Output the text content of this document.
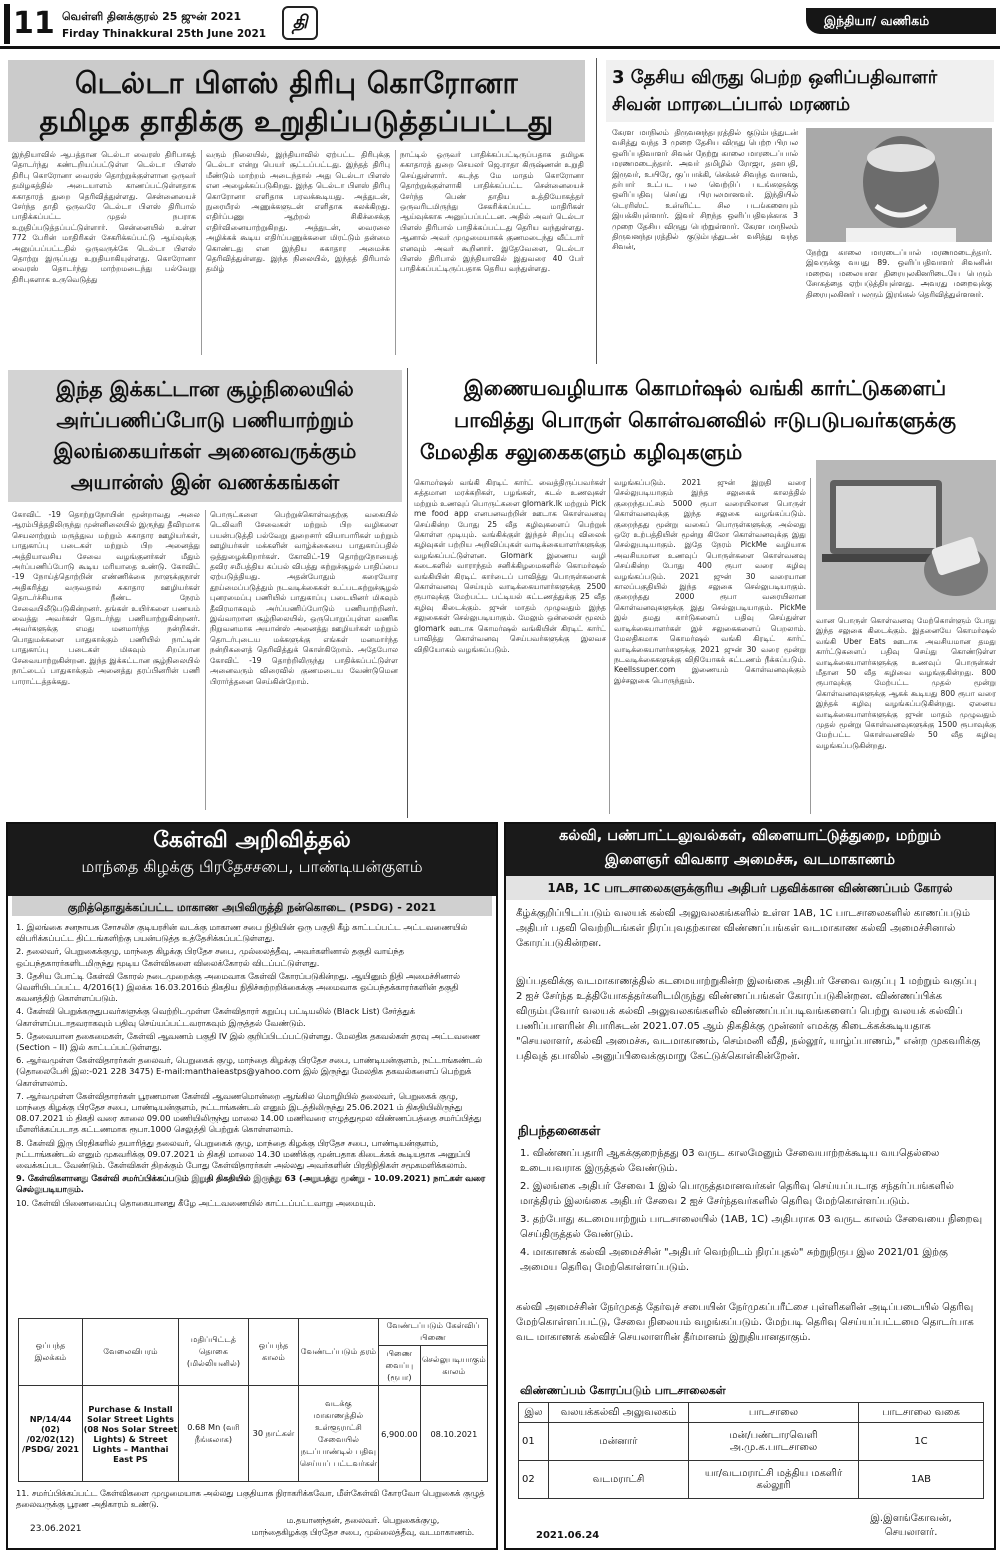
11 வெள்ளி தினக்குரல் 25 ஜுன் 2021
Firday Thinakkural 25th June 2021
தி	இந்தியா/ வணிகம்
டெல்டா பிளஸ் திரிபு கொரோனா
தமிழக தாதிக்கு உறுதிப்படுத்தப்பட்டது
இந்தியாவில் ஆபத்தான டெல்டா வைரஸ் திரிபாகத் தொடர்ந்து கண்டறியப்பட்டுள்ள டெல்டா பிளஸ் திரிபு கொரோனா வைரஸ் தொற்றுக்குள்ளான ஒருவர் தமிழகத்தில் அடையாளம் காணப்பட்டுள்ளதாக சுகாதாரத் துறை தெரிவித்துள்ளது. சென்னையைச் சேர்ந்த தாதி ஒருவரே டெல்டா பிளஸ் திரிபால் பாதிக்கப்பட்ட முதல் நபராக உறுதிப்படுத்தப்பட்டுள்ளார். சென்னையில் உள்ள 772 பேரின் மாதிரிகள் சேகரிக்கப்பட்டு ஆய்வுக்கு அனுப்பப்பட்டதில் ஒருவருக்கே டெல்டா பிளஸ் தொற்று இருப்பது உறுதியாகியுள்ளது. கொரோனா வைரஸ் தொடர்ந்து மாற்றமடைந்து பல்வேறு திரிபுகளாக உருவெடுத்து
வரும் நிலையில், இந்தியாவில் ஏற்பட்ட திரிபுக்கு டெல்டா என்று பெயர் சூட்டப்பட்டது. இந்தத் திரிபு மீண்டும் மாற்றம் அடைந்தால் அது டெல்டா பிளஸ் என அழைக்கப்படுகிறது. இந்த டெல்டா பிளஸ் திரிபு கொரோனா எளிதாக பரவக்கூடியது. அத்துடன், நுரையீரல் அணுக்களுடன் எளிதாக கலக்கிறது. எதிர்ப்பணு ஆற்றல் சிகிச்சைக்கு எதிர்வினையாற்றுகிறது. அத்துடன், வைரலை அழிக்கக் கூடிய எதிர்ப்பணுக்களை மிரட்டும் தன்மை கொண்டது என இந்திய சுகாதார அமைச்சு தெரிவித்துள்ளது. இந்த நிலையில், இந்தத் திரிபால் தமிழ்
நாட்டில் ஒருவர் பாதிக்கப்பட்டிருப்பதாக தமிழக சுகாதாரத் துறை செயலர் ஜெ.ராதா கிருஷ்ணன் உறுதி செய்துள்ளார். கடந்த மே மாதம் கொரோனா தொற்றுக்குள்ளாகி பாதிக்கப்பட்ட சென்னையைச் சேர்ந்த பெண் தாதிய உத்தியோகத்தர் ஒருவரிடமிருந்து சேகரிக்கப்பட்ட மாதிரிகள் ஆய்வுக்காக அனுப்பப்பட்டன. அதில் அவர் டெல்டா பிளஸ் திரிபால் பாதிக்கப்பட்டது தெரிய வந்துள்ளது. ஆனால் அவர் முழுமையாகக் குணமடைந்து வீட்டார் எனவும் அவர் கூறினார். இதேவேளை, டெல்டா பிளஸ் திரிபால் இந்தியாவில் இதுவரை 40 பேர் பாதிக்கப்பட்டிருப்பதாக தெரிய வந்துள்ளது.
3 தேசிய விருது பெற்ற ஒளிப்பதிவாளர்
சிவன் மாரடைப்பால் மரணம்
கேரள மாநிலம் திருவனந்தபுரத்தில் குடும்பத்துடன் வசித்து வந்த 3 முறை தேசிய விருது பெற்ற பிரபல ஒளிப்பதிவாளர் சிவன் நேற்று காலை மாரடைப்பால் மரணமடைந்தார். அவர் தமிழில் ரோஜா, தளபதி, இருவர், உயிரே, குப்பாக்கி, செக்கச் சிவந்த வானம், தர்பார் உட்பட பல வெற்றிப் படங்களுக்கு ஒளிப்பதிவு செய்து பிரபலமானவர். இந்தியில் டெரரிஸ்ட் உள்ளிட்ட சில படங்களையும் இயக்கியுள்ளார். இவர் சிறந்த ஒளிப்பதிவுக்காக 3 முறை தேசிய விருது பெற்றுள்ளார். கேரள மாநிலம் திருவனந்தபுரத்தில் குடும்பத்துடன் வசித்து வந்த சிவன்,
நேற்று காலை மாரடைப்பால் மரணமடைந்தார். இவருக்கு வயது 89. ஒளிப்பதிவாளர் சிவனின் மறைவு மலையாள திரையுலகினரிடையே பெரும் சோகத்தை ஏற்படுத்தியுள்ளது. அவரது மறைவுக்கு திரையுலகினர் பலரும் இரங்கல் தெரிவித்துள்ளனர்.
இந்த இக்கட்டான சூழ்நிலையில்
அர்ப்பணிப்போடு பணியாற்றும்
இலங்கையர்கள் அனைவருக்கும்
அயான்ஸ் இன் வணக்கங்கள்
கோவிட் -19 தொற்றுநோயின் மூன்றாவது அலை ஆரம்பித்ததிலிருந்து முன்னிலையில் இருந்து தீவிரமாக செயலாற்றும் மருத்துவ மற்றும் சுகாதார ஊழியர்கள், பாதுகாப்பு படைகள் மற்றும் பிற அனைத்து அத்தியாவசிய சேவை வழங்குனர்கள் மீதும் அர்ப்பணிப்போடு கூடிய மரியாதை உண்டு. கோவிட் -19 நோய்த்தொற்றின் எண்ணிக்கை நாளுக்குநாள் அதிகரித்து வருவதால் சுகாதார ஊழியர்கள் தொடர்ச்சியாக நீண்ட நேரம் சேவையிலீடுபடுகின்றனர். தங்கள் உயிர்களை பணயம் வைத்து அவர்கள் தொடர்ந்து பணியாற்றுகின்றனர். அவர்களுக்கு எமது மனமார்ந்த நன்றிகள். பொதுமக்களை பாதுகாக்கும் பணியில் நாட்டின் பாதுகாப்பு படைகள் மிகவும் சிறப்பான சேவையாற்றுகின்றன. இந்த இக்கட்டான சூழ்நிலையில் நாட்டைப் பாதுகாக்கும் அனைத்து தரப்பினரின் பணி பாராட்டத்தக்கது.
பொருட்களை பெற்றுக்கொள்வதற்கு வகையில் டெலிவரி சேவைகள் மற்றும் பிற வழிகளை பயன்படுத்தி பல்வேறு துறைசார் வியாபாரிகள் மற்றும் ஊழியர்கள் மக்களின் வாழ்க்கையை பாதுகாப்பதில் ஒத்துழைக்கிறார்கள். கோவிட்-19 தொற்றுநோயைத் தவிர சமீபத்திய கப்பல் விபத்து சுற்றுச்சூழல் பாதிப்பை ஏற்படுத்தியது. அதன்போதும் கரையோர தூய்மைப்படுத்தும் நடவடிக்கைகள் உட்படசுற்றுச்சூழல் புனரமைப்பு பணியில் பாதுகாப்பு படையினர் மிகவும் தீவிரமாகவும் அர்ப்பணிப்போடும் பணியாற்றினர். இவ்வாறான சூழ்நிலையில், ஒருபொறுப்புள்ள வணிக நிறுவனமாக அயான்ஸ் அனைத்து ஊழியர்கள் மற்றும் தொடர்புடைய மக்களுக்கு எங்கள் மனமார்ந்த நன்றிகளைத் தெரிவித்துக் கொள்கிறோம். அதேபோல கோவிட் -19 தொற்றிலிருந்து பாதிக்கப்பட்டுள்ள அனைவரும் விரைவில் குணமடைய வேண்டுமென பிரார்த்தனை செய்கின்றோம்.
இணையவழியாக கொமர்ஷல் வங்கி கார்ட்டுகளைப்
பாவித்து பொருள் கொள்வனவில் ஈடுபடுபவர்களுக்கு
மேலதிக சலுகைகளும் கழிவுகளும்
கொமர்ஷல் வங்கி கிரடிட் கார்ட் வைத்திருப்பவர்கள் சுத்தமான மரக்கறிகள், பழங்கள், கடல் உணவுகள் மற்றும் உணவுப் பொருட்களை glomark.lk மற்றும் Pick me food app எனபனவற்றின் ஊடாக கொள்வனவு செய்கின்ற போது 25 வீத கழிவுகளைப் பெற்றுக் கொள்ள முடியும். வங்கிக்குள் இந்தச் சிறப்பு விலைக் கழிவுகள் பற்றிய அறிவிப்புகள் வாடிக்கையாளர்களுக்கு வழங்கப்பட்டுள்ளன. Glomark இணைய வழி கடைகளில் வாராந்தம் சனிக்கிழமைகளில் கொமர்ஷல் வங்கியின் கிரடிட் கார்டைப் பாவித்து பொருள்களைக் கொள்வனவு செய்யும் வாடிக்கையாளர்களுக்கு 2500 ரூபாவுக்கு மேற்பட்ட பட்டியல் கட்டணத்துக்கு 25 வீத கழிவு கிடைக்கும். ஜுன் மாதம் முழுவதும் இந்த சலுகைகள் செல்லுபடியாகும். மேலும் ஒன்லைன் மூலம் glomark ஊடாக கொமர்ஷல் வங்கியின் கிரடிட் கார்ட் பாவித்து கொள்வனவு செய்பவர்களுக்கு இலவச விநியோகம் வழங்கப்படும்.
வழங்கப்படும். 2021 ஜுன் இறுதி வரை செல்லுபடியாகும் இந்த சலுகைக் காலத்தில் குறைந்தபட்சம் 5000 ரூபா வரையிலான பொருள் கொள்வனவுக்கு இந்த சலுகை வழங்கப்படும். குறைந்தது மூன்று வகைப் பொருள்களுக்கு அல்லது ஒரே உற்பத்தியின் மூன்று கிலோ கொள்வனவுக்கு இது செல்லுபடியாகும். இதே நேரம் PickMe வழியாக அவசியமான உணவுப் பொருள்களை கொள்வனவு செய்கின்ற போது 400 ரூபா வரை கழிவு வழங்கப்படும். 2021 ஜுன் 30 வரையான காலப்பகுதியில் இந்த சலுகை செல்லுபடியாகும். குறைந்தது 2000 ரூபா வரையிலான கொள்வனவுகளுக்கு இது செல்லுபடியாகும். PickMe இல் தமது கார்டுகளைப் பதிவு செய்துள்ள வாடிக்கையாளர்கள் இச் சலுகைகளைப் பெறலாம். மேலதிகமாக கொமர்ஷல் வங்கி கிரடிட் கார்ட் வாடிக்கையாளர்களுக்கு 2021 ஜுன் 30 வரை மூன்று நடவடிக்கைகளுக்கு விநியோகக் கட்டணம் நீக்கப்படும். Keellssuper.com இணையம் கொள்வனவுக்கும் இச்சலுகை பொருந்தும்.
வான பொருள் கொள்வனவு மேற்கொள்ளும் போது இந்த சலுகை கிடைக்கும். இதனையே கொமர்ஷல் வங்கி Uber Eats ஊடாக அவசியமான தமது கார்ட்டுகளைப் பதிவு செய்து கொண்டுள்ள வாடிக்கையாளர்களுக்கு உணவுப் பொருள்கள் மீதான 50 வீத கழிவை வழங்குகின்றது. 800 ரூபாவுக்கு மேற்பட்ட முதல் மூன்று கொள்வனவுகளுக்கு ஆகக் கூடியது 800 ரூபா வரை இந்தக் கழிவு வழங்கப்படுகின்றது. ஏனைய வாடிக்கையாளர்களுக்கு ஜுன் மாதம் முழுவதும் முதல் மூன்று கொள்வனவுகளுக்கு 1500 ரூபாவுக்கு மேற்பட்ட கொள்வனவில் 50 வீத கழிவு வழங்கப்படுகின்றது.
கேள்வி அறிவித்தல்
மாந்தை கிழக்கு பிரதேசசபை, பாண்டியன்குளம்
குறித்தொதுக்கப்பட்ட மாகாண அபிவிருத்தி நன்கொடை (PSDG) - 2021
1. இலங்கை சனநாயக சோசலிச குடியரசின் வடக்கு மாகாண சபை நிதியின் ஒரு பகுதி கீழ் காட்டப்பட்ட அட்டவணையில் விபரிக்கப்பட்ட திட்டங்களிற்கு பயன்படுத்த உத்தேசிக்கப்பட்டுள்ளது.
2. தலைவர், பெறுகைக்குழு, மாந்தை கிழக்கு பிரதேச சபை, முல்லைத்தீவு, அவர்களினால் தகுதி வாய்ந்த ஒப்பந்தகாரர்களிடமிருந்து மூடிய கேள்விகளை விலைக்கோரல் விடப்பட்டுள்ளது.
3. தேசிய போட்டி கேள்வி கோரல் நடைமுறைக்கு அமைவாக கேள்வி கோரப்படுகின்றது. ஆயினும் நிதி அமைச்சினால் வெளியிடப்பட்ட 4/2016(1) இலக்க 16.03.2016ம் திகதிய நிதிச்சுற்றறிக்கைக்கு அமைவாக ஒப்பந்தக்காரர்களின் தகுதி கவனத்திற் கொள்ளப்படும்.
4. கேள்வி பெறுக்கருதுபவர்களுக்கு வெற்றிடமுள்ள கேள்விதாரர் கறுப்பு பட்டியலில் (Black List) சேர்த்துக் கொள்ளப்படாதவராகவும் பதிவு செய்யப்பட்டவராகவும் இருத்தல் வேண்டும்.
5. தேவையான தகைமைகள், கேள்வி ஆவணம் பகுதி IV இல் குறிப்பிடப்பட்டுள்ளது. மேலதிக தகவல்கள் தரவு அட்டவணை (Section – II) இல் காட்டப்பட்டுள்ளது.
6. ஆர்வமுள்ள கேள்விதாரர்கள் தலைவர், பெறுகைக் குழு, மாந்தை கிழக்கு பிரதேச சபை, பாண்டியன்குளம், நட்டாங்கண்டல் (தொலைபேசி இல:-021 228 3475) E-mail:manthaieastps@yahoo.com இல் இருந்து மேலதிக தகவல்களைப் பெற்றுக் கொள்ளலாம்.
7. ஆர்வமுள்ள கேள்விதாரர்கள் பூரணமான கேள்வி ஆவணமொன்றை ஆங்கில மொழியில் தலைவர், பெறுகைக் குழு, மாந்தை கிழக்கு பிரதேச சபை, பாண்டியன்குளம், நட்டாங்கண்டல் எனும் இடத்திலிருந்து 25.06.2021 ம் திகதியிலிருந்து 08.07.2021 ம் திகதி வரை காலை 09.00 மணியிலிருந்து மாலை 14.00 மணிவரை எழுத்துமூல விண்ணப்பத்தை சமர்ப்பித்து மீளளிக்கப்படாத கட்டணமாக ரூபா.1000 செலுத்தி பெற்றுக் கொள்ளலாம்.
8. கேள்வி இரு பிரதிகளில் தயாரித்து தலைவர், பெறுகைக் குழு, மாந்தை கிழக்கு பிரதேச சபை, பாண்டியன்குளம், நட்டாங்கண்டல் எனும் முகவரிக்கு 09.07.2021 ம் திகதி மாலை 14.30 மணிக்கு முன்பதாக கிடைக்கக் கூடியதாக அனுப்பி வைக்கப்பட வேண்டும். கேள்விகள் திறக்கும் போது கேள்விதாரர்கள் அல்லது அவர்களின் பிரதிநிதிகள் சமூகமளிக்கலாம்.
9. கேள்விகளானது கேள்வி சமர்ப்பிக்கப்படும் இறுதி திகதியில் இருந்து 63 (அறுபத்து மூன்று - 10.09.2021) நாட்கள் வரை செல்லுபடியாகும்.
10. கேள்வி பிணைவைப்பு தொகையானது கீழே அட்டவணையில் காட்டப்பட்டவாறு அமையும்.
ஒப்பந்த இலக்கம்	வேலைவிபரம்	மதிப்பிட்டத் தொகை (மில்லியனில்)	ஒப்பந்த காலம்	வேண்டப்படும் தரம்	வேண்டப்படும் கேள்விப் பிணை	
					பிணை வைப்பு (ரூபா)	செல்லுபடியாகும் காலம்
NP/14/44 (02) /02/02(12) /PSDG/ 2021	Purchase & Install Solar Street Lights (08 Nos Solar Street Lights) & Street Lights – Manthai East PS	0.68 Mn (வரி நீங்கலாக)	30 நாட்கள்	வடக்கு மாகாணத்தில் உள்ளூராட்சி சேவையில் நடப்பாண்டில் பதிவு செய்யப் பட்டவர்கள்	6,900.00	08.10.2021
11. சமர்ப்பிக்கப்பட்ட கேள்விகளை முழுமையாக அல்லது பகுதியாக நிராகரிக்கவோ, மீள்கேள்வி கோரவோ பெறுகைக் குழுத் தலைவருக்கு பூரண அதிகாரம் உண்டு.
23.06.2021
ம.தயானந்தன், தலைவர். பெறுகைக்குழு,
மாந்தைகிழக்கு பிரதேச சபை, முல்லைத்தீவு, வடமாகாணம்.
கல்வி, பண்பாட்டலுவல்கள், விளையாட்டுத்துறை, மற்றும்
இளைஞர் விவகார அமைச்சு, வடமாகாணம்
1AB, 1C பாடசாலைகளுக்குரிய அதிபர் பதவிக்கான விண்ணப்பம் கோரல்
கீழ்க்குறிப்பிடப்படும் வலயக் கல்வி அலுவலகங்களில் உள்ள 1AB, 1C பாடசாலைகளில் காணப்படும் அதிபர் பதவி வெற்றிடங்கள் நிரப்புவதற்கான விண்ணப்பங்கள் வடமாகாண கல்வி அமைச்சினால் கோரப்படுகின்றன.
இப்பதவிக்கு வடமாகாணத்தில் கடமையாற்றுகின்ற இலங்கை அதிபர் சேவை வகுப்பு 1 மற்றும் வகுப்பு 2 ஐச் சேர்ந்த உத்தியோகத்தர்களிடமிருந்து விண்ணப்பங்கள் கோரப்படுகின்றன. விண்ணப்பிக்க விரும்புவோர் வலயக் கல்வி அலுவலகங்களில் விண்ணப்பப்படிவங்களைப் பெற்று வலயக் கல்விப் பணிப்பாளரின் சிபாரிசுடன் 2021.07.05 ஆம் திகதிக்கு முன்னர் எமக்கு கிடைக்கக்கூடியதாக "செயலாளர், கல்வி அமைச்சு, வடமாகாணம், செம்மனி வீதி, நல்லூர், யாழ்ப்பாணம்," என்ற முகவரிக்கு பதிவுத் தபாலில் அனுப்பிவைக்குமாறு கேட்டுக்கொள்கின்றேன்.
நிபந்தனைகள்
1. விண்ணப்பதாரி ஆகக்குறைந்தது 03 வருட காலமேனும் சேவையாற்றக்கூடிய வயதெல்லை உடையவராக இருத்தல் வேண்டும்.
2. இலங்கை அதிபர் சேவை 1 இல் பொருத்தமானவர்கள் தெரிவு செய்யப்படாத சந்தர்ப்பங்களில் மாத்திரம் இலங்கை அதிபர் சேவை 2 ஐச் சேர்ந்தவர்களில் தெரிவு மேற்கொள்ளப்படும்.
3. தற்போது கடமையாற்றும் பாடசாலையில் (1AB, 1C) அதிபராக 03 வருட காலம் சேவையை நிறைவு செய்திருத்தல் வேண்டும்.
4. மாகாணக் கல்வி அமைச்சின் "அதிபர் வெற்றிடம் நிரப்புதல்" சுற்றுநிருப இல 2021/01 இற்கு அமைய தெரிவு மேற்கொள்ளப்படும்.
கல்வி அமைச்சின் நேர்முகத் தேர்வுச் சபையின் நேர்முகப்பரீட்சை புள்ளிகளின் அடிப்படையில் தெரிவு மேற்கொள்ளப்பட்டு, சேவை நிலையம் வழங்கப்படும். மேற்படி தெரிவு செய்யப்பட்டமை தொடர்பாக வட மாகாணக் கல்விச் செயலாளரின் தீர்மானம் இறுதியானதாகும்.
விண்ணப்பம் கோரப்படும் பாடசாலைகள்
இல	வலயக்கல்வி அலுவலகம்	பாடசாலை	பாடசாலை வகை
01	மன்னார்	மன்/பண்டாரவெளி அ.மு.க.பாடசாலை	1C
02	வடமராட்சி	யா/வடமராட்சி மத்திய மகளிர் கல்லூரி	1AB
இ.இளங்கோவன்,
செயலாளர்.
2021.06.24
